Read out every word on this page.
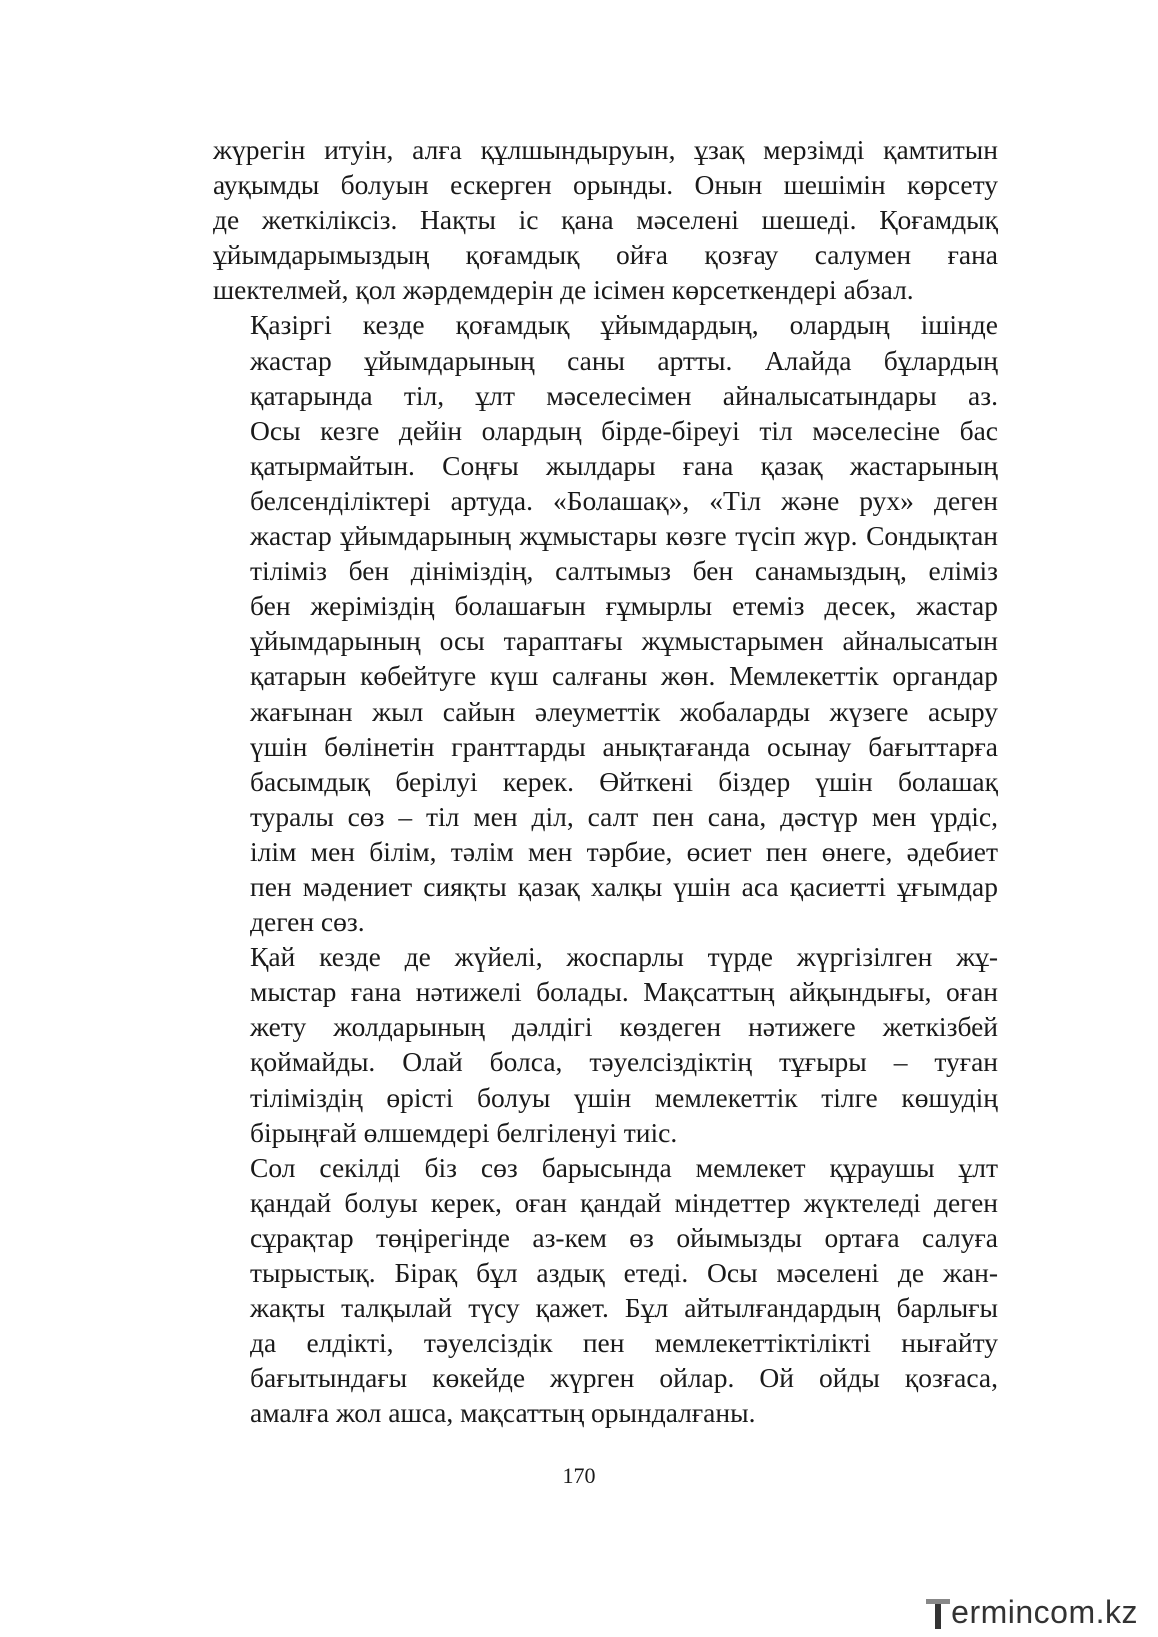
жүрегін итуін, алға құлшындыруын, ұзақ мерзімді қамтитын
ауқымды болуын ескерген орынды. Онын шешімін көрсету
де жеткіліксіз. Нақты іс қана мәселені шешеді. Қоғамдық
ұйымдарымыздың қоғамдық ойға қозғау салумен ғана
шектелмей, қол жәрдемдерін де ісімен көрсеткендері абзал.

Қазіргі кезде қоғамдық ұйымдардың, олардың ішінде
жастар ұйымдарының саны артты. Алайда бұлардың
қатарында тіл, ұлт мәселесімен айналысатындары аз.
Осы кезге дейін олардың бірде-біреуі тіл мәселесіне бас
қатырмайтын. Соңғы жылдары ғана қазақ жастарының
белсенділіктері артуда. «Болашақ», «Тіл және рух» деген
жастар ұйымдарының жұмыстары көзге түсіп жүр. Сондықтан
тіліміз бен дініміздің, салтымыз бен санамыздың, еліміз
бен жеріміздің болашағын ғұмырлы етеміз десек, жастар
ұйымдарының осы тараптағы жұмыстарымен айналысатын
қатарын көбейтуге күш салғаны жөн. Мемлекеттік органдар
жағынан жыл сайын әлеуметтік жобаларды жүзеге асыру
үшін бөлінетін гранттарды анықтағанда осынау бағыттарға
басымдық берілуі керек. Өйткені біздер үшін болашақ
туралы сөз – тіл мен діл, салт пен сана, дәстүр мен үрдіс,
ілім мен білім, тәлім мен тәрбие, өсиет пен өнеге, әдебиет
пен мәдениет сияқты қазақ халқы үшін аса қасиетті ұғымдар
деген сөз.

Қай кезде де жүйелі, жоспарлы түрде жүргізілген жұ-
мыстар ғана нәтижелі болады. Мақсаттың айқындығы, оған
жету жолдарының дәлдігі көздеген нәтижеге жеткізбей
қоймайды. Олай болса, тәуелсіздіктің тұғыры – туған
тіліміздің өрісті болуы үшін мемлекеттік тілге көшудің
бірыңғай өлшемдері белгіленуі тиіс.

Сол секілді біз сөз барысында мемлекет құраушы ұлт
қандай болуы керек, оған қандай міндеттер жүктеледі деген
сұрақтар төңірегінде аз-кем өз ойымызды ортаға салуға
тырыстық. Бірақ бұл аздық етеді. Осы мәселені де жан-
жақты талқылай түсу қажет. Бұл айтылғандардың барлығы
да елдікті, тәуелсіздік пен мемлекеттіктілікті нығайту
бағытындағы көкейде жүрген ойлар. Ой ойды қозғаса,
амалға жол ашса, мақсаттың орындалғаны.

170
ermincom.kz
